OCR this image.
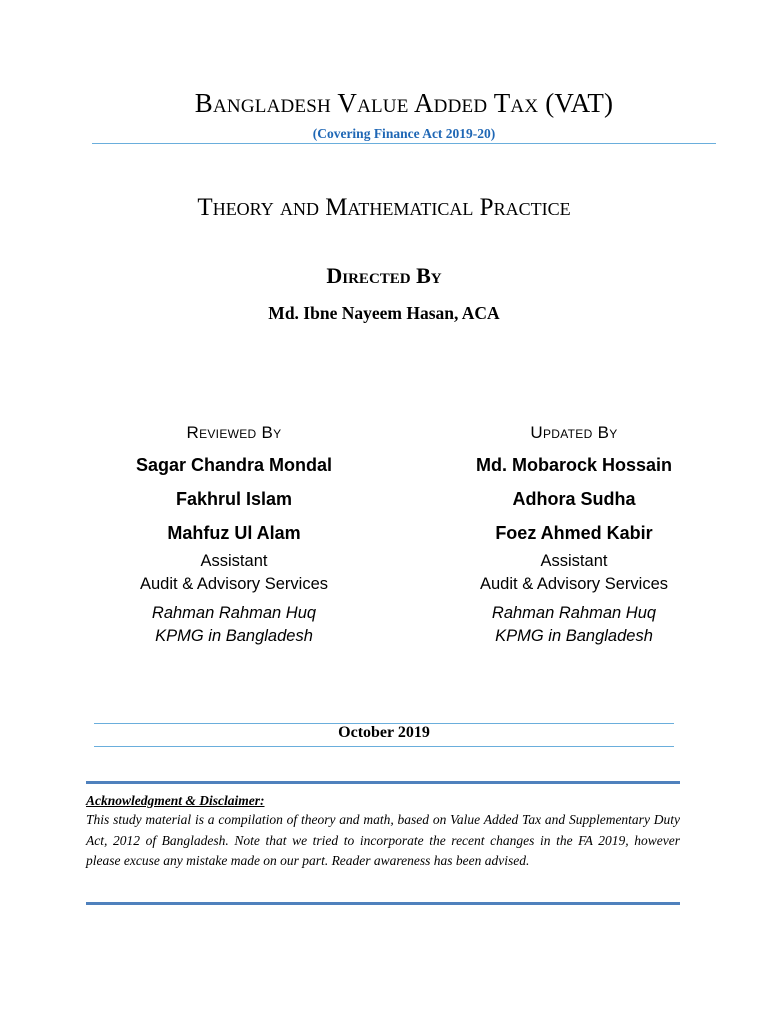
Bangladesh Value Added Tax (VAT)
(Covering Finance Act 2019-20)
Theory and Mathematical Practice
Directed By
Md. Ibne Nayeem Hasan, ACA
Reviewed By
Sagar Chandra Mondal
Fakhrul Islam
Mahfuz Ul Alam
Assistant
Audit & Advisory Services
Rahman Rahman Huq
KPMG in Bangladesh
Updated By
Md. Mobarock Hossain
Adhora Sudha
Foez Ahmed Kabir
Assistant
Audit & Advisory Services
Rahman Rahman Huq
KPMG in Bangladesh
October 2019
Acknowledgment & Disclaimer:
This study material is a compilation of theory and math, based on Value Added Tax and Supplementary Duty Act, 2012 of Bangladesh. Note that we tried to incorporate the recent changes in the FA 2019, however please excuse any mistake made on our part. Reader awareness has been advised.
